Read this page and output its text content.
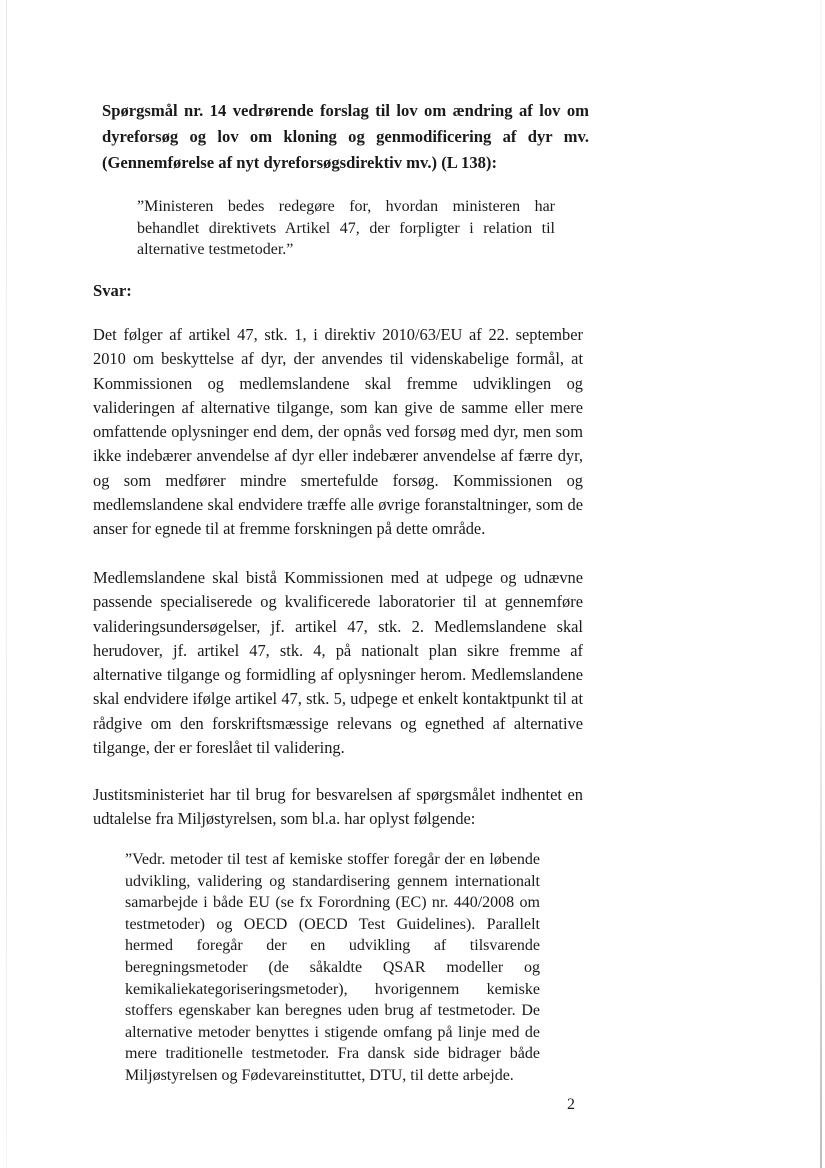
Spørgsmål nr. 14 vedrørende forslag til lov om ændring af lov om dyreforsøg og lov om kloning og genmodificering af dyr mv. (Gennemførelse af nyt dyreforsøgsdirektiv mv.) (L 138):

”Ministeren bedes redegøre for, hvordan ministeren har behandlet direktivets Artikel 47, der forpligter i relation til alternative testmetoder.”

Svar:

Det følger af artikel 47, stk. 1, i direktiv 2010/63/EU af 22. september 2010 om beskyttelse af dyr, der anvendes til videnskabelige formål, at Kommissionen og medlemslandene skal fremme udviklingen og valideringen af alternative tilgange, som kan give de samme eller mere omfattende oplysninger end dem, der opnås ved forsøg med dyr, men som ikke indebærer anvendelse af dyr eller indebærer anvendelse af færre dyr, og som medfører mindre smertefulde forsøg. Kommissionen og medlemslandene skal endvidere træffe alle øvrige foranstaltninger, som de anser for egnede til at fremme forskningen på dette område.

Medlemslandene skal bistå Kommissionen med at udpege og udnævne passende specialiserede og kvalificerede laboratorier til at gennemføre valideringsundersøgelser, jf. artikel 47, stk. 2. Medlemslandene skal herudover, jf. artikel 47, stk. 4, på nationalt plan sikre fremme af alternative tilgange og formidling af oplysninger herom. Medlemslandene skal endvidere ifølge artikel 47, stk. 5, udpege et enkelt kontaktpunkt til at rådgive om den forskriftsmæssige relevans og egnethed af alternative tilgange, der er foreslået til validering.

Justitsministeriet har til brug for besvarelsen af spørgsmålet indhentet en udtalelse fra Miljøstyrelsen, som bl.a. har oplyst følgende:

”Vedr. metoder til test af kemiske stoffer foregår der en løbende udvikling, validering og standardisering gennem internationalt samarbejde i både EU (se fx Forordning (EC) nr. 440/2008 om testmetoder) og OECD (OECD Test Guidelines). Parallelt hermed foregår der en udvikling af tilsvarende beregningsmetoder (de såkaldte QSAR modeller og kemikaliekategoriseringsmetoder), hvorigennem kemiske stoffers egenskaber kan beregnes uden brug af testmetoder. De alternative metoder benyttes i stigende omfang på linje med de mere traditionelle testmetoder. Fra dansk side bidrager både Miljøstyrelsen og Fødevareinstituttet, DTU, til dette arbejde.

2
